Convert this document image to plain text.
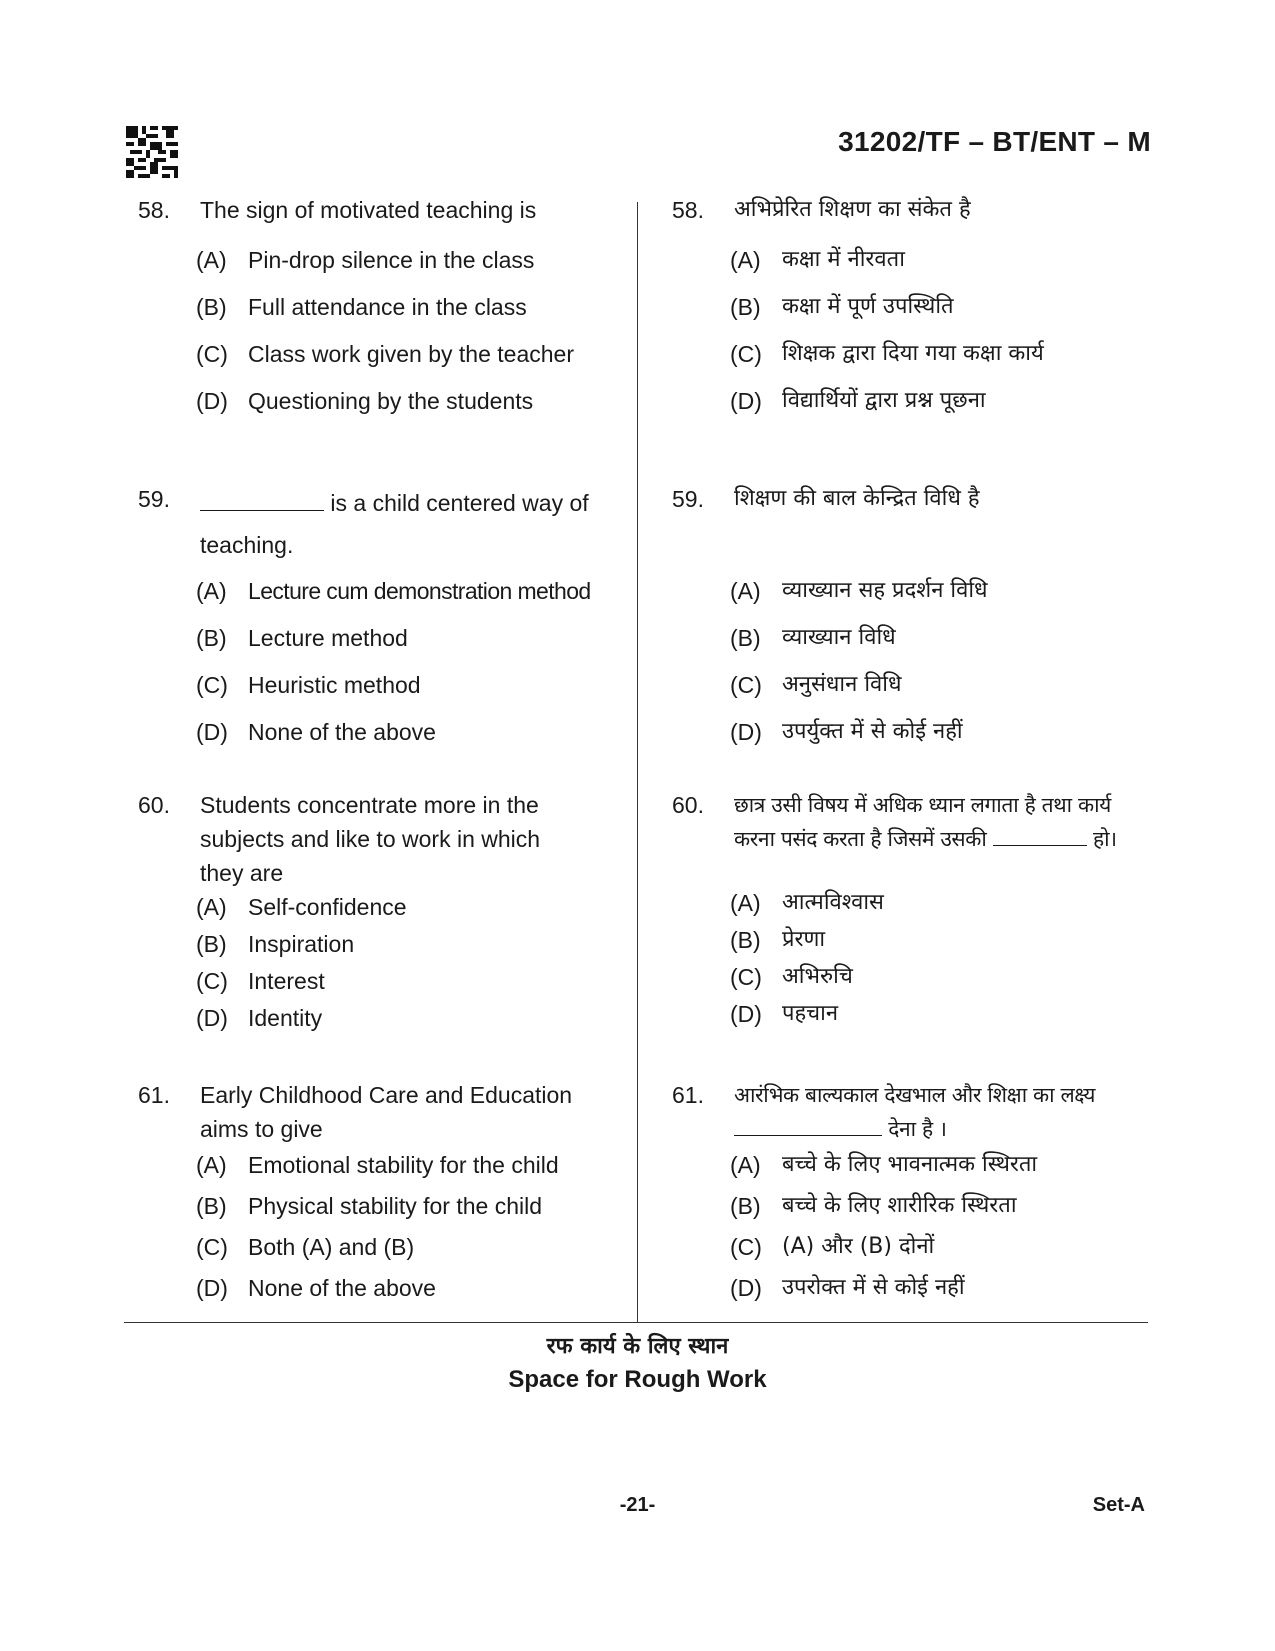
31202/TF – BT/ENT – M
58. The sign of motivated teaching is
(A) Pin-drop silence in the class
(B) Full attendance in the class
(C) Class work given by the teacher
(D) Questioning by the students
59.	is a child centered way of teaching.
(A) Lecture cum demonstration method
(B) Lecture method
(C) Heuristic method
(D) None of the above
60. Students concentrate more in the subjects and like to work in which they are
(A) Self-confidence
(B) Inspiration
(C) Interest
(D) Identity
61. Early Childhood Care and Education aims to give
(A) Emotional stability for the child
(B) Physical stability for the child
(C) Both (A) and (B)
(D) None of the above
58. अभिप्रेरित शिक्षण का संकेत है
(A) कक्षा में नीरवता
(B) कक्षा में पूर्ण उपस्थिति
(C) शिक्षक द्वारा दिया गया कक्षा कार्य
(D) विद्यार्थियों द्वारा प्रश्न पूछना
59. शिक्षण की बाल केन्द्रित विधि है
(A) व्याख्यान सह प्रदर्शन विधि
(B) व्याख्यान विधि
(C) अनुसंधान विधि
(D) उपर्युक्त में से कोई नहीं
60. छात्र उसी विषय में अधिक ध्यान लगाता है तथा कार्य करना पसंद करता है जिसमें उसकी	हो।
(A) आत्मविश्वास
(B) प्रेरणा
(C) अभिरुचि
(D) पहचान
61. आरंभिक बाल्यकाल देखभाल और शिक्षा का लक्ष्य
देना है ।
(A) बच्चे के लिए भावनात्मक स्थिरता
(B) बच्चे के लिए शारीरिक स्थिरता
(C) (A) और (B) दोनों
(D) उपरोक्त में से कोई नहीं
रफ कार्य के लिए स्थान
Space for Rough Work
-21-	Set-A
